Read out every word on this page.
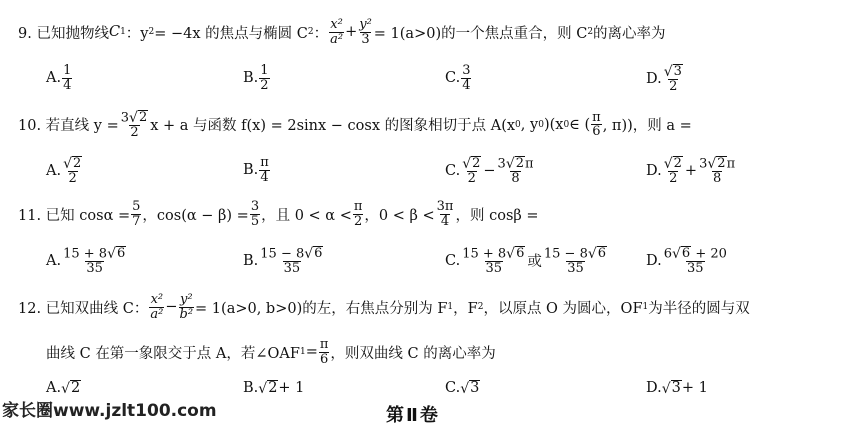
9. 已知抛物线 C 1 ：y 2 = −4x 的焦点与椭圆 C 2 ： $\frac{\text{x²}}{\text{a²}} + \frac{\text{y²}}{3} = 1(a>0)$的一个焦点重合，则 C 2 的离心率为
A. $\frac{1}{4}$	B. $\frac{1}{2}$	C. $\frac{3}{4}$	D. $\frac{√ 3}{2}$
10. 若直线 $y = \frac{3 √ 2}{2}$ x + a 与函数 f(x) = 2sinx − cosx 的图象相切于点 A(x 0 , y 0 )(x 0 ∈ ( $\frac{\pi}{6}$ , π))，则 a =
A. $\frac{√ 2}{2}$	B. $\frac{\pi}{4}$	C. $\frac{√ 2}{2} - \frac{3 √ 2 \pi}{8}$	D. $\frac{√ 2}{2} + \frac{3 √ 2 \pi}{8}$
11. 已知 $\cos\alpha = \frac{5}{7}$ ，$\cos(\alpha - \beta) = \frac{3}{5}$ ，且 $0 < \alpha < \frac{\pi}{2}$ ，$0 < \beta < \frac{3\pi}{4}$ ，则 cosβ =
A. $\frac{15 + 8 √ 6}{35}$	B. $\frac{15 - 8 √ 6}{35}$	C. $\frac{15 + 8 √ 6}{35}$ 或 $\frac{15 - 8 √ 6}{35}$	D. $\frac{6 √ 6 + 20}{35}$
12. 已知双曲线 C： $\frac{\text{x²}}{\text{a²}} - \frac{\text{y²}}{\text{b²}} = 1(a>0$, b>0)的左，右焦点分别为 F 1 ，F 2 ，以原点 O 为圆心，OF 1 为半径的圆与双
曲线 C 在第一象限交于点 A，若∠OAF $1 = \frac{\pi}{6}$ ，则双曲线 C 的离心率为
A. √ 2	B. √ 2 + 1	C. √ 3	D. √ 3 + 1
家长圈www.jzlt100.com	第Ⅱ卷
